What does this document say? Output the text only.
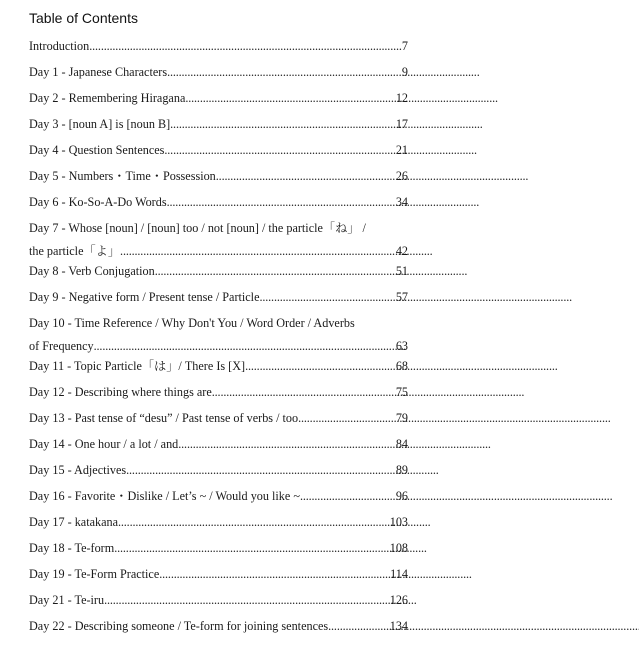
Table of Contents
Introduction . . .	7
Day 1 - Japanese Characters . . .	9
Day 2 - Remembering Hiragana . . .	12
Day 3 - [noun A] is [noun B] . . .	17
Day 4 - Question Sentences . . .	21
Day 5 - Numbers・Time・Possession . . .	26
Day 6 - Ko-So-A-Do Words . . .	34
Day 7 - Whose [noun] / [noun] too / not [noun] / the particle「ね」 /
the particle「よ」 . . .	42
Day 8 - Verb Conjugation . . .	51
Day 9 - Negative form / Present tense / Particle . . .	57
Day 10 - Time Reference / Why Don't You / Word Order / Adverbs
of Frequency . . .	63
Day 11 - Topic Particle「は」/ There Is [X] . . .	68
Day 12 - Describing where things are . . .	75
Day 13 - Past tense of “desu” / Past tense of verbs / too . . .	79
Day 14 - One hour / a lot / and . . .	84
Day 15 - Adjectives . . .	89
Day 16 - Favorite・Dislike / Let’s ~ / Would you like ~ . . .	96
Day 17 - katakana . . .	103
Day 18 - Te-form . . .	108
Day 19 - Te-Form Practice . . .	114
Day 21 - Te-iru . . .	126
Day 22 - Describing someone / Te-form for joining sentences . . .	134
